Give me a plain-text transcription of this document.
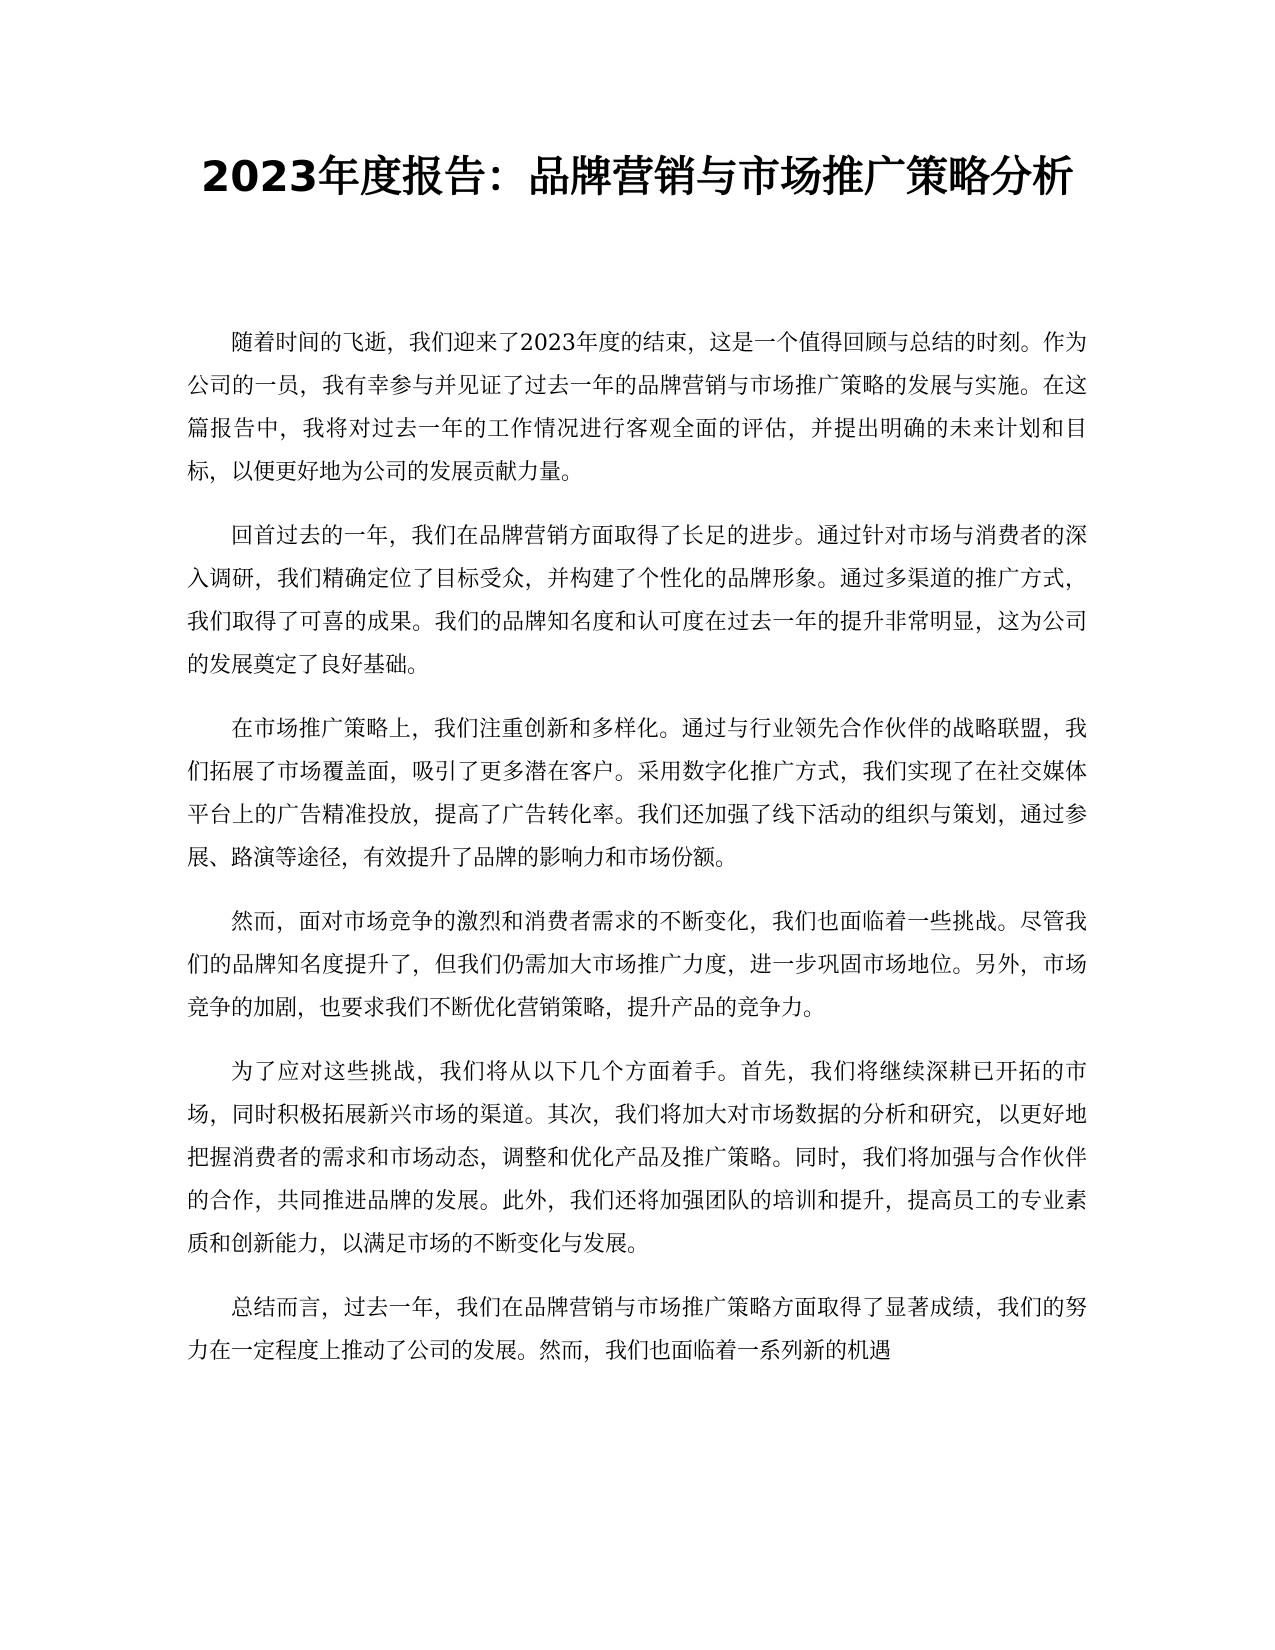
2023年度报告：品牌营销与市场推广策略分析

随着时间的飞逝，我们迎来了2023年度的结束，这是一个值得回顾与总结的时刻。作为公司的一员，我有幸参与并见证了过去一年的品牌营销与市场推广策略的发展与实施。在这篇报告中，我将对过去一年的工作情况进行客观全面的评估，并提出明确的未来计划和目标，以便更好地为公司的发展贡献力量。

回首过去的一年，我们在品牌营销方面取得了长足的进步。通过针对市场与消费者的深入调研，我们精确定位了目标受众，并构建了个性化的品牌形象。通过多渠道的推广方式，我们取得了可喜的成果。我们的品牌知名度和认可度在过去一年的提升非常明显，这为公司的发展奠定了良好基础。

在市场推广策略上，我们注重创新和多样化。通过与行业领先合作伙伴的战略联盟，我们拓展了市场覆盖面，吸引了更多潜在客户。采用数字化推广方式，我们实现了在社交媒体平台上的广告精准投放，提高了广告转化率。我们还加强了线下活动的组织与策划，通过参展、路演等途径，有效提升了品牌的影响力和市场份额。

然而，面对市场竞争的激烈和消费者需求的不断变化，我们也面临着一些挑战。尽管我们的品牌知名度提升了，但我们仍需加大市场推广力度，进一步巩固市场地位。另外，市场竞争的加剧，也要求我们不断优化营销策略，提升产品的竞争力。

为了应对这些挑战，我们将从以下几个方面着手。首先，我们将继续深耕已开拓的市场，同时积极拓展新兴市场的渠道。其次，我们将加大对市场数据的分析和研究，以更好地把握消费者的需求和市场动态，调整和优化产品及推广策略。同时，我们将加强与合作伙伴的合作，共同推进品牌的发展。此外，我们还将加强团队的培训和提升，提高员工的专业素质和创新能力，以满足市场的不断变化与发展。

总结而言，过去一年，我们在品牌营销与市场推广策略方面取得了显著成绩，我们的努力在一定程度上推动了公司的发展。然而，我们也面临着一系列新的机遇
